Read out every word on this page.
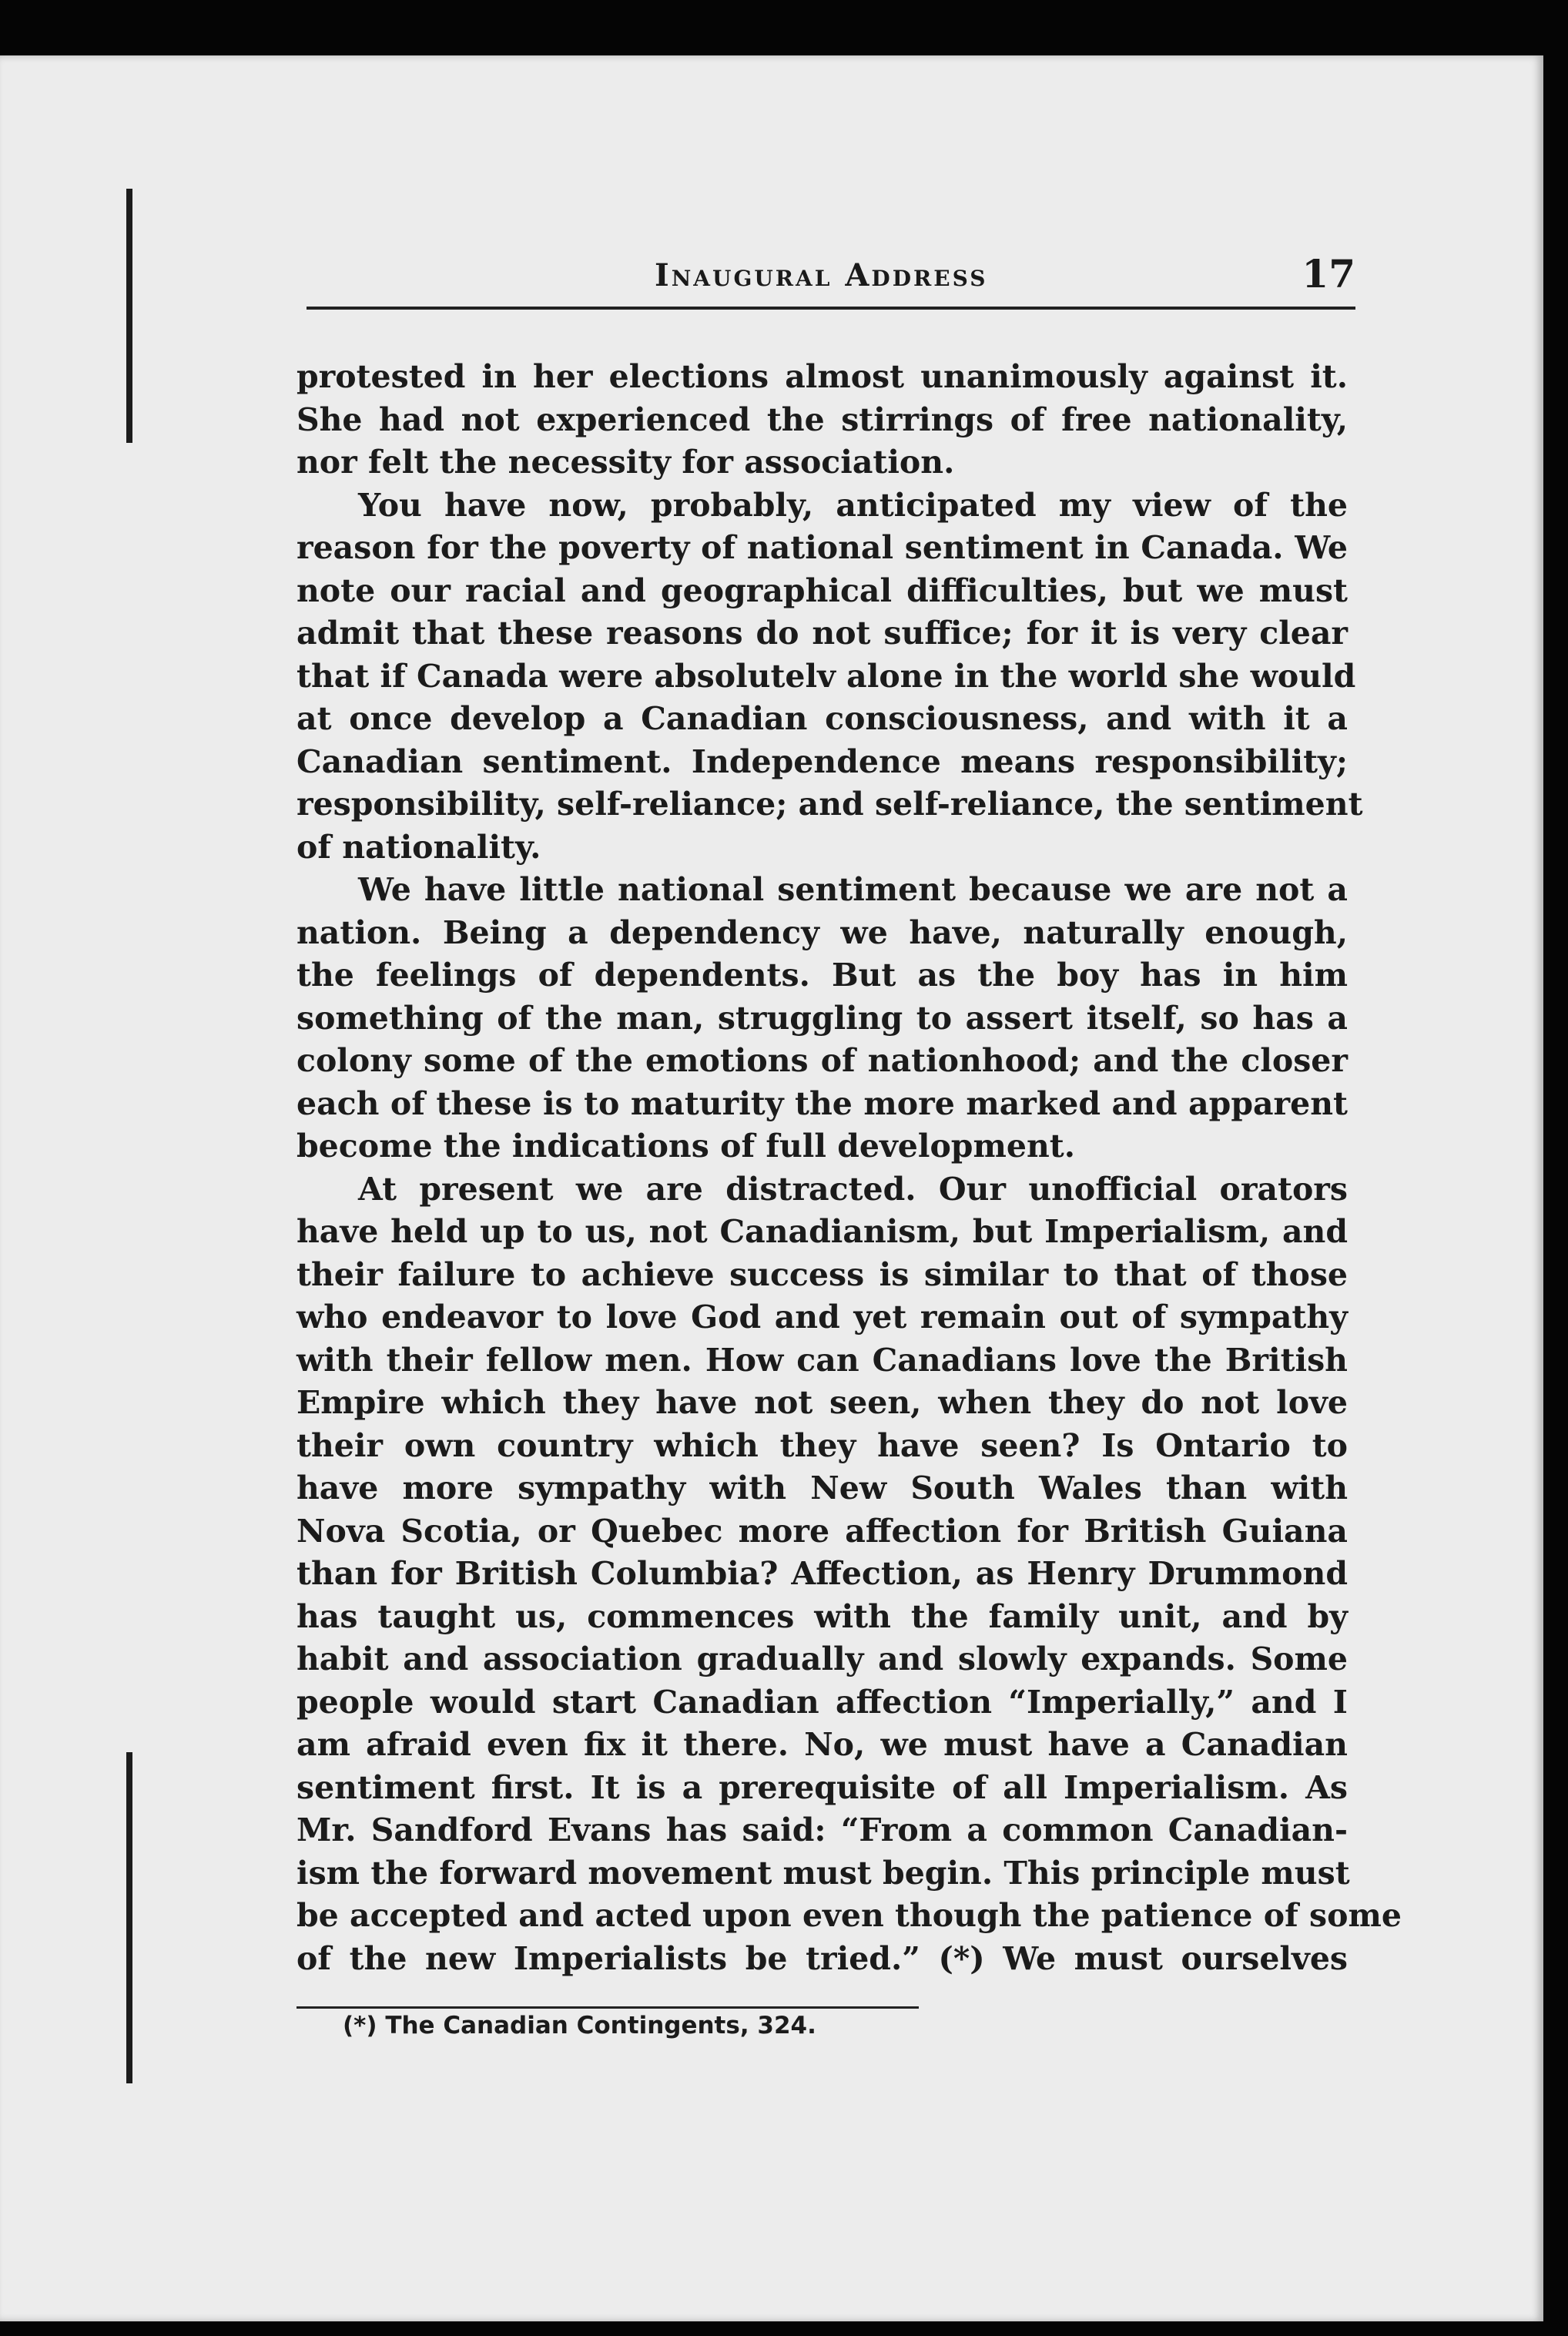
Inaugural Address	17
protested in her elections almost unanimously against it.
She had not experienced the stirrings of free nationality,
nor felt the necessity for association.
You have now, probably, anticipated my view of the
reason for the poverty of national sentiment in Canada. We
note our racial and geographical difficulties, but we must
admit that these reasons do not suffice; for it is very clear
that if Canada were absolutelv alone in the world she would
at once develop a Canadian consciousness, and with it a
Canadian sentiment. Independence means responsibility;
responsibility, self-reliance; and self-reliance, the sentiment
of nationality.
We have little national sentiment because we are not a
nation. Being a dependency we have, naturally enough,
the feelings of dependents. But as the boy has in him
something of the man, struggling to assert itself, so has a
colony some of the emotions of nationhood; and the closer
each of these is to maturity the more marked and apparent
become the indications of full development.
At present we are distracted. Our unofficial orators
have held up to us, not Canadianism, but Imperialism, and
their failure to achieve success is similar to that of those
who endeavor to love God and yet remain out of sympathy
with their fellow men. How can Canadians love the British
Empire which they have not seen, when they do not love
their own country which they have seen? Is Ontario to
have more sympathy with New South Wales than with
Nova Scotia, or Quebec more affection for British Guiana
than for British Columbia? Affection, as Henry Drummond
has taught us, commences with the family unit, and by
habit and association gradually and slowly expands. Some
people would start Canadian affection “Imperially,” and I
am afraid even fix it there. No, we must have a Canadian
sentiment first. It is a prerequisite of all Imperialism. As
Mr. Sandford Evans has said: “From a common Canadian-
ism the forward movement must begin. This principle must
be accepted and acted upon even though the patience of some
of the new Imperialists be tried.” (*) We must ourselves
(*) The Canadian Contingents, 324.
